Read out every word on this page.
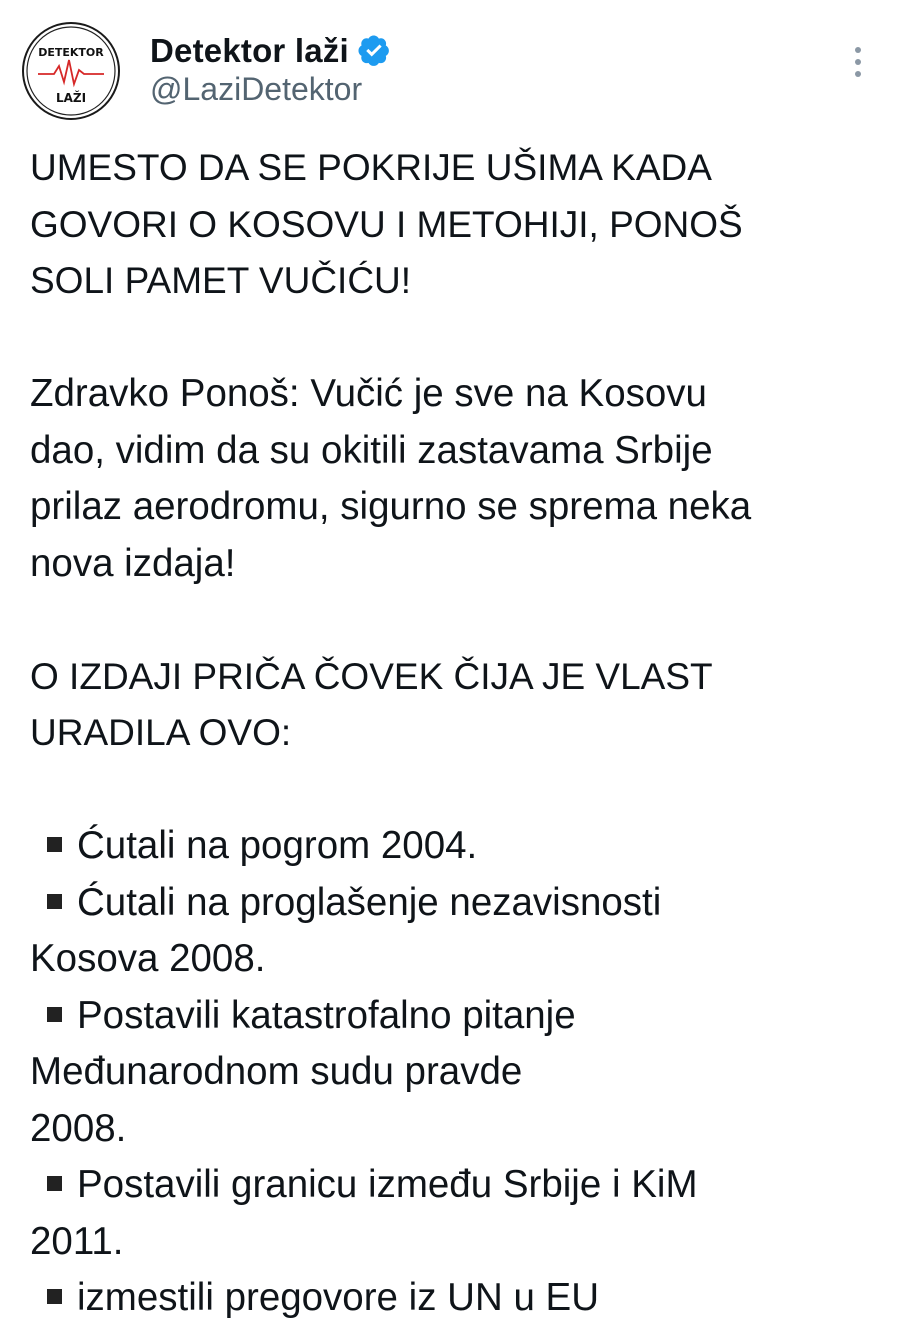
DETEKTOR
LAŽI
Detektor laži
@LaziDetektor
UMESTO DA SE POKRIJE UŠIMA KADA
GOVORI O KOSOVU I METOHIJI, PONOŠ
SOLI PAMET VUČIĆU!
Zdravko Ponoš: Vučić je sve na Kosovu
dao, vidim da su okitili zastavama Srbije
prilaz aerodromu, sigurno se sprema neka
nova izdaja!
O IZDAJI PRIČA ČOVEK ČIJA JE VLAST
URADILA OVO:
Ćutali na pogrom 2004.
Ćutali na proglašenje nezavisnosti
Kosova 2008.
Postavili katastrofalno pitanje
Međunarodnom sudu pravde
2008.
Postavili granicu između Srbije i KiM
2011.
izmestili pregovore iz UN u EU
